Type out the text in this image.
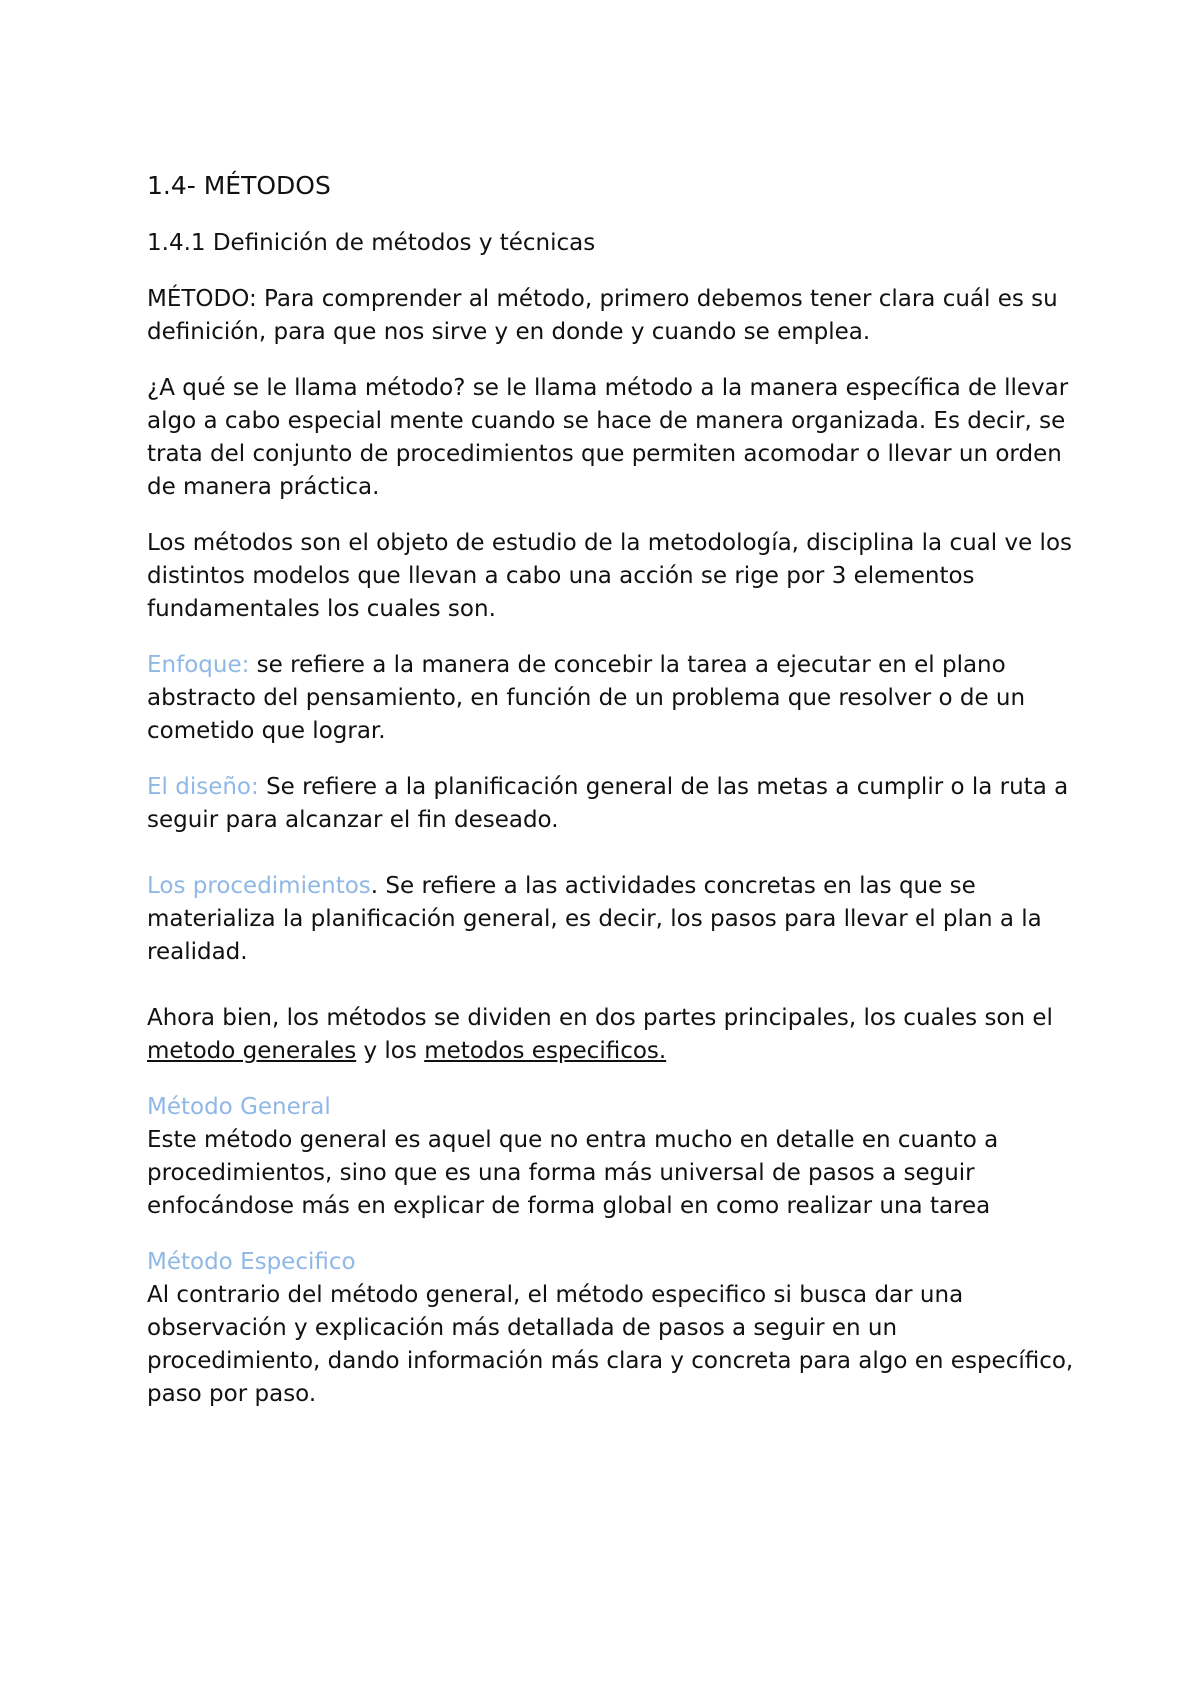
1.4- MÉTODOS
1.4.1 Definición de métodos y técnicas

MÉTODO: Para comprender al método, primero debemos tener clara cuál es su definición, para que nos sirve y en donde y cuando se emplea.

¿A qué se le llama método? se le llama método a la manera específica de llevar algo a cabo especial mente cuando se hace de manera organizada. Es decir, se trata del conjunto de procedimientos que permiten acomodar o llevar un orden de manera práctica.

Los métodos son el objeto de estudio de la metodología, disciplina la cual ve los distintos modelos que llevan a cabo una acción se rige por 3 elementos fundamentales los cuales son.

Enfoque: se refiere a la manera de concebir la tarea a ejecutar en el plano abstracto del pensamiento, en función de un problema que resolver o de un cometido que lograr.

El diseño: Se refiere a la planificación general de las metas a cumplir o la ruta a seguir para alcanzar el fin deseado.

Los procedimientos. Se refiere a las actividades concretas en las que se materializa la planificación general, es decir, los pasos para llevar el plan a la realidad.

Ahora bien, los métodos se dividen en dos partes principales, los cuales son el metodo generales y los metodos especificos.

Método General

Este método general es aquel que no entra mucho en detalle en cuanto a procedimientos, sino que es una forma más universal de pasos a seguir enfocándose más en explicar de forma global en como realizar una tarea

Método Especifico

Al contrario del método general, el método especifico si busca dar una observación y explicación más detallada de pasos a seguir en un procedimiento, dando información más clara y concreta para algo en específico, paso por paso.
